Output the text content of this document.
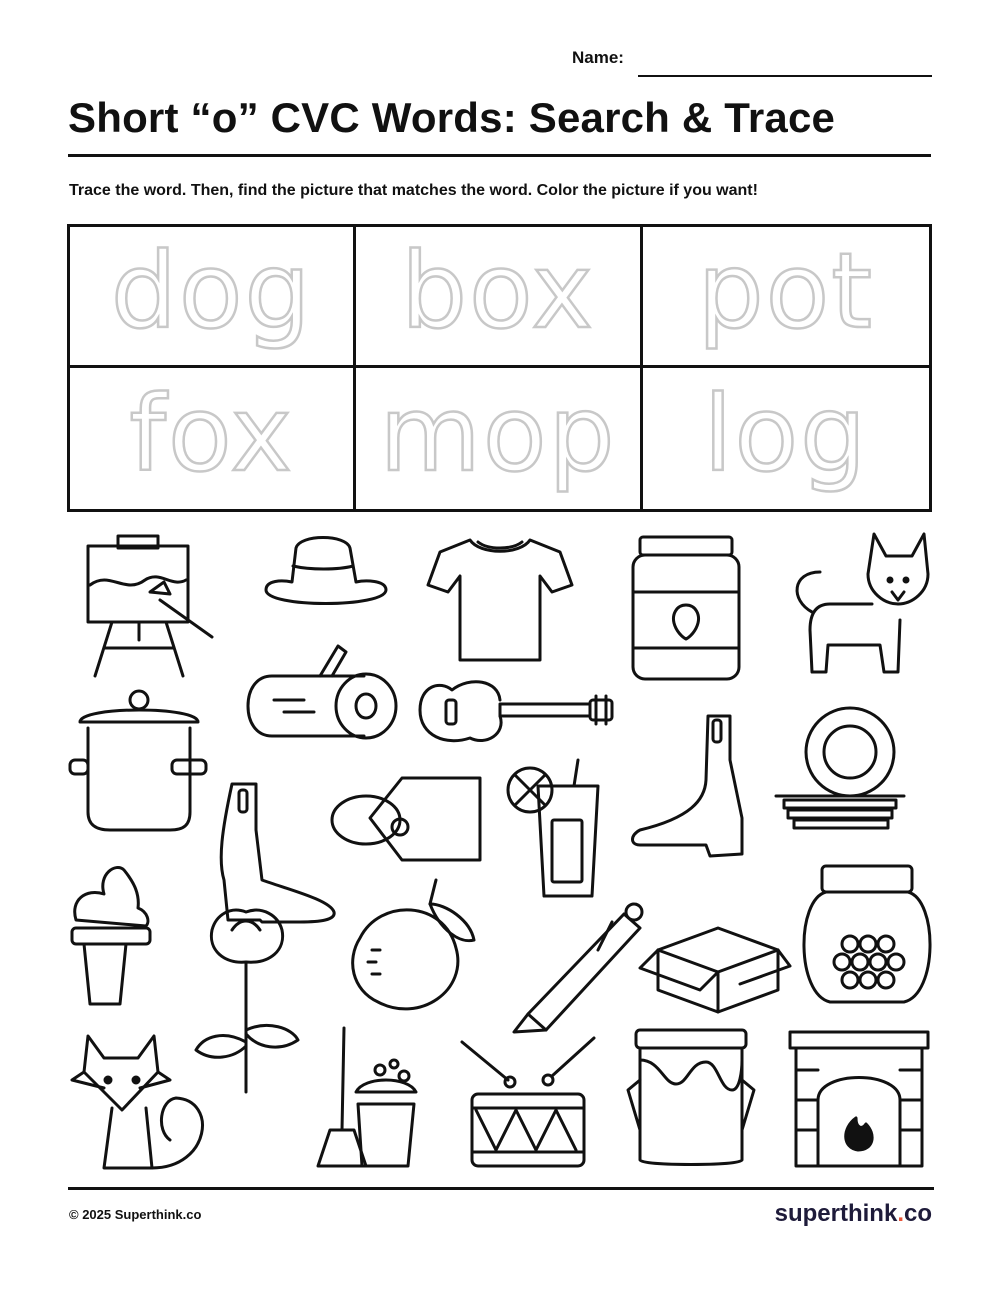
Name:
Short “o” CVC Words: Search & Trace
Trace the word. Then, find the picture that matches the word. Color the picture if you want!
dog box pot
fox mop log
© 2025 Superthink.co	superthink.co
